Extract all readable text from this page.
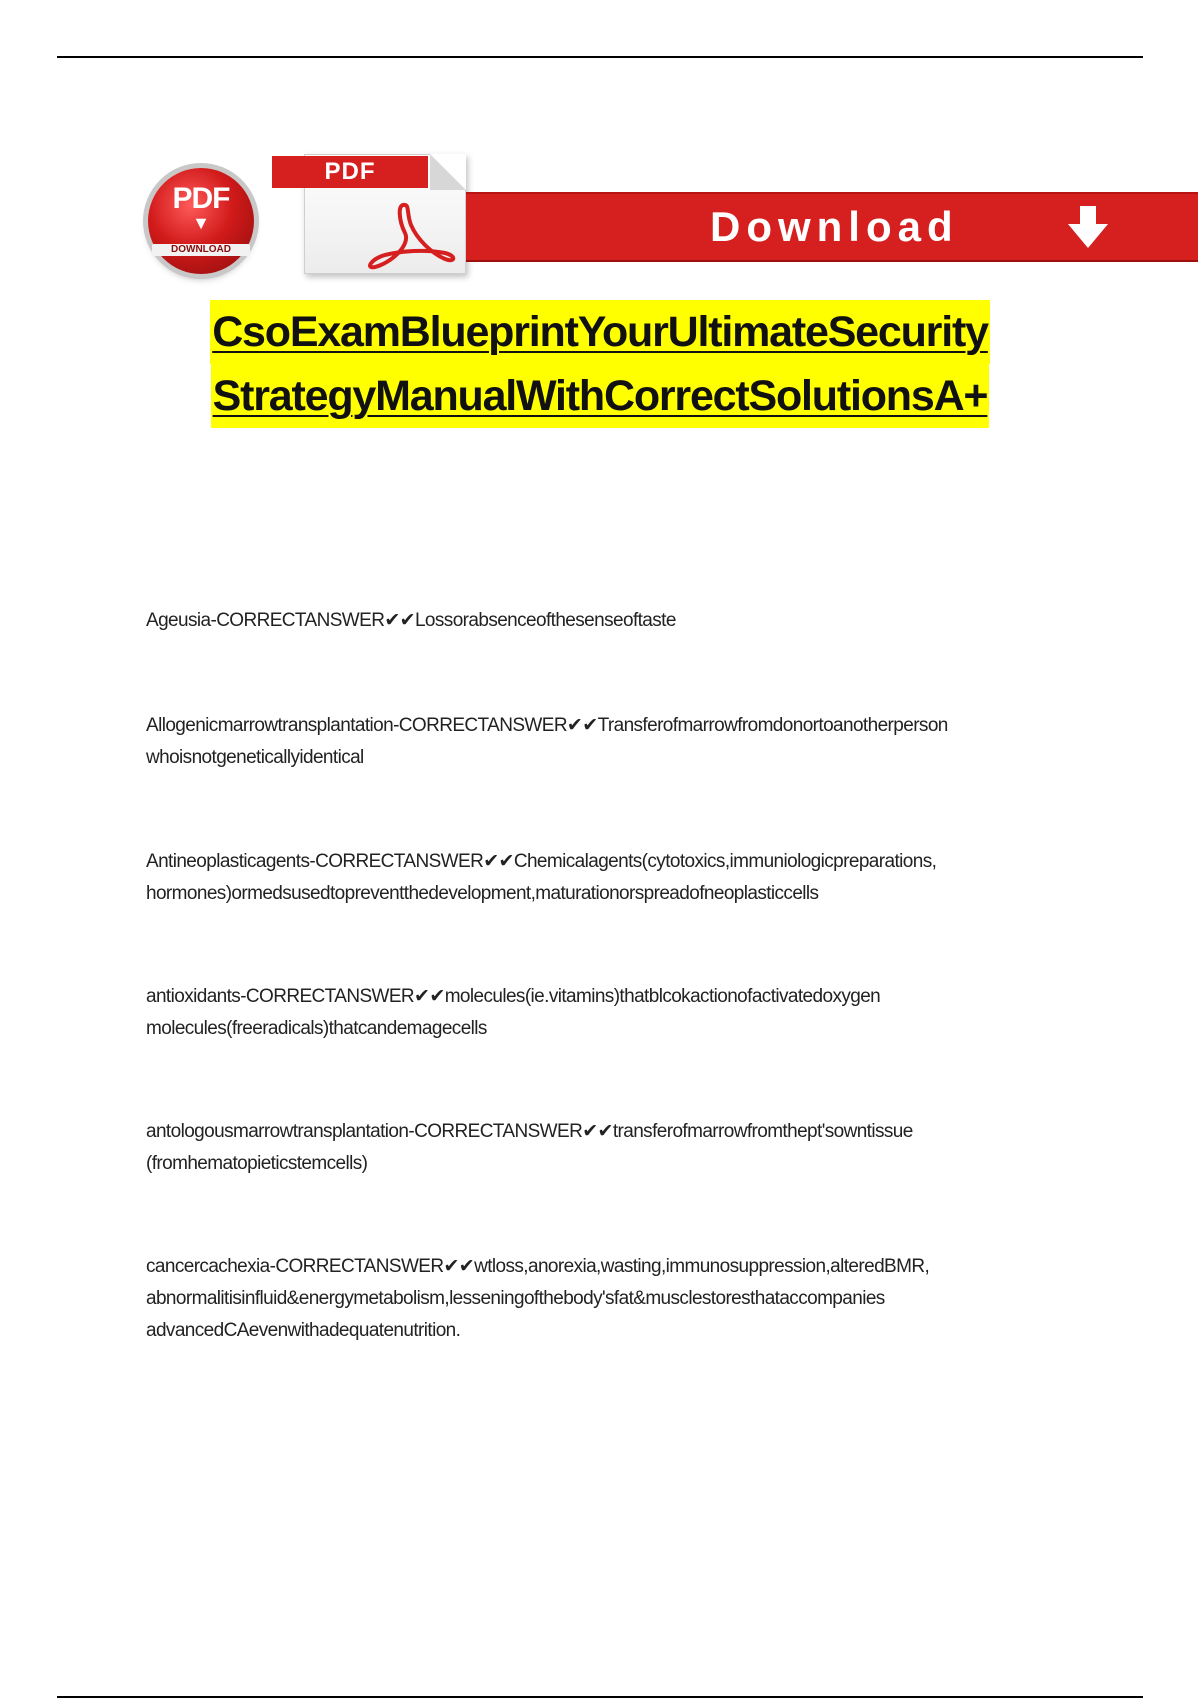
PDF
▼
DOWNLOAD
PDF
Download
CsoExamBlueprintYourUltimateSecurity
StrategyManualWithCorrectSolutionsA+

Ageusia-CORRECTANSWER✔✔Lossorabsenceofthesenseoftaste

Allogenicmarrowtransplantation-CORRECTANSWER✔✔Transferofmarrowfromdonortoanotherperson whoisnotgeneticallyidentical

Antineoplasticagents-CORRECTANSWER✔✔Chemicalagents(cytotoxics,immuniologicpreparations, hormones)ormedsusedtopreventthedevelopment,maturationorspreadofneoplasticcells

antioxidants-CORRECTANSWER✔✔molecules(ie.vitamins)thatblcokactionofactivatedoxygen molecules(freeradicals)thatcandemagecells

antologousmarrowtransplantation-CORRECTANSWER✔✔transferofmarrowfromthept'sowntissue (fromhematopieticstemcells)

cancercachexia-CORRECTANSWER✔✔wtloss,anorexia,wasting,immunosuppression,alteredBMR, abnormalitisinfluid&energymetabolism,lesseningofthebody'sfat&musclestoresthataccompanies advancedCAevenwithadequatenutrition.
